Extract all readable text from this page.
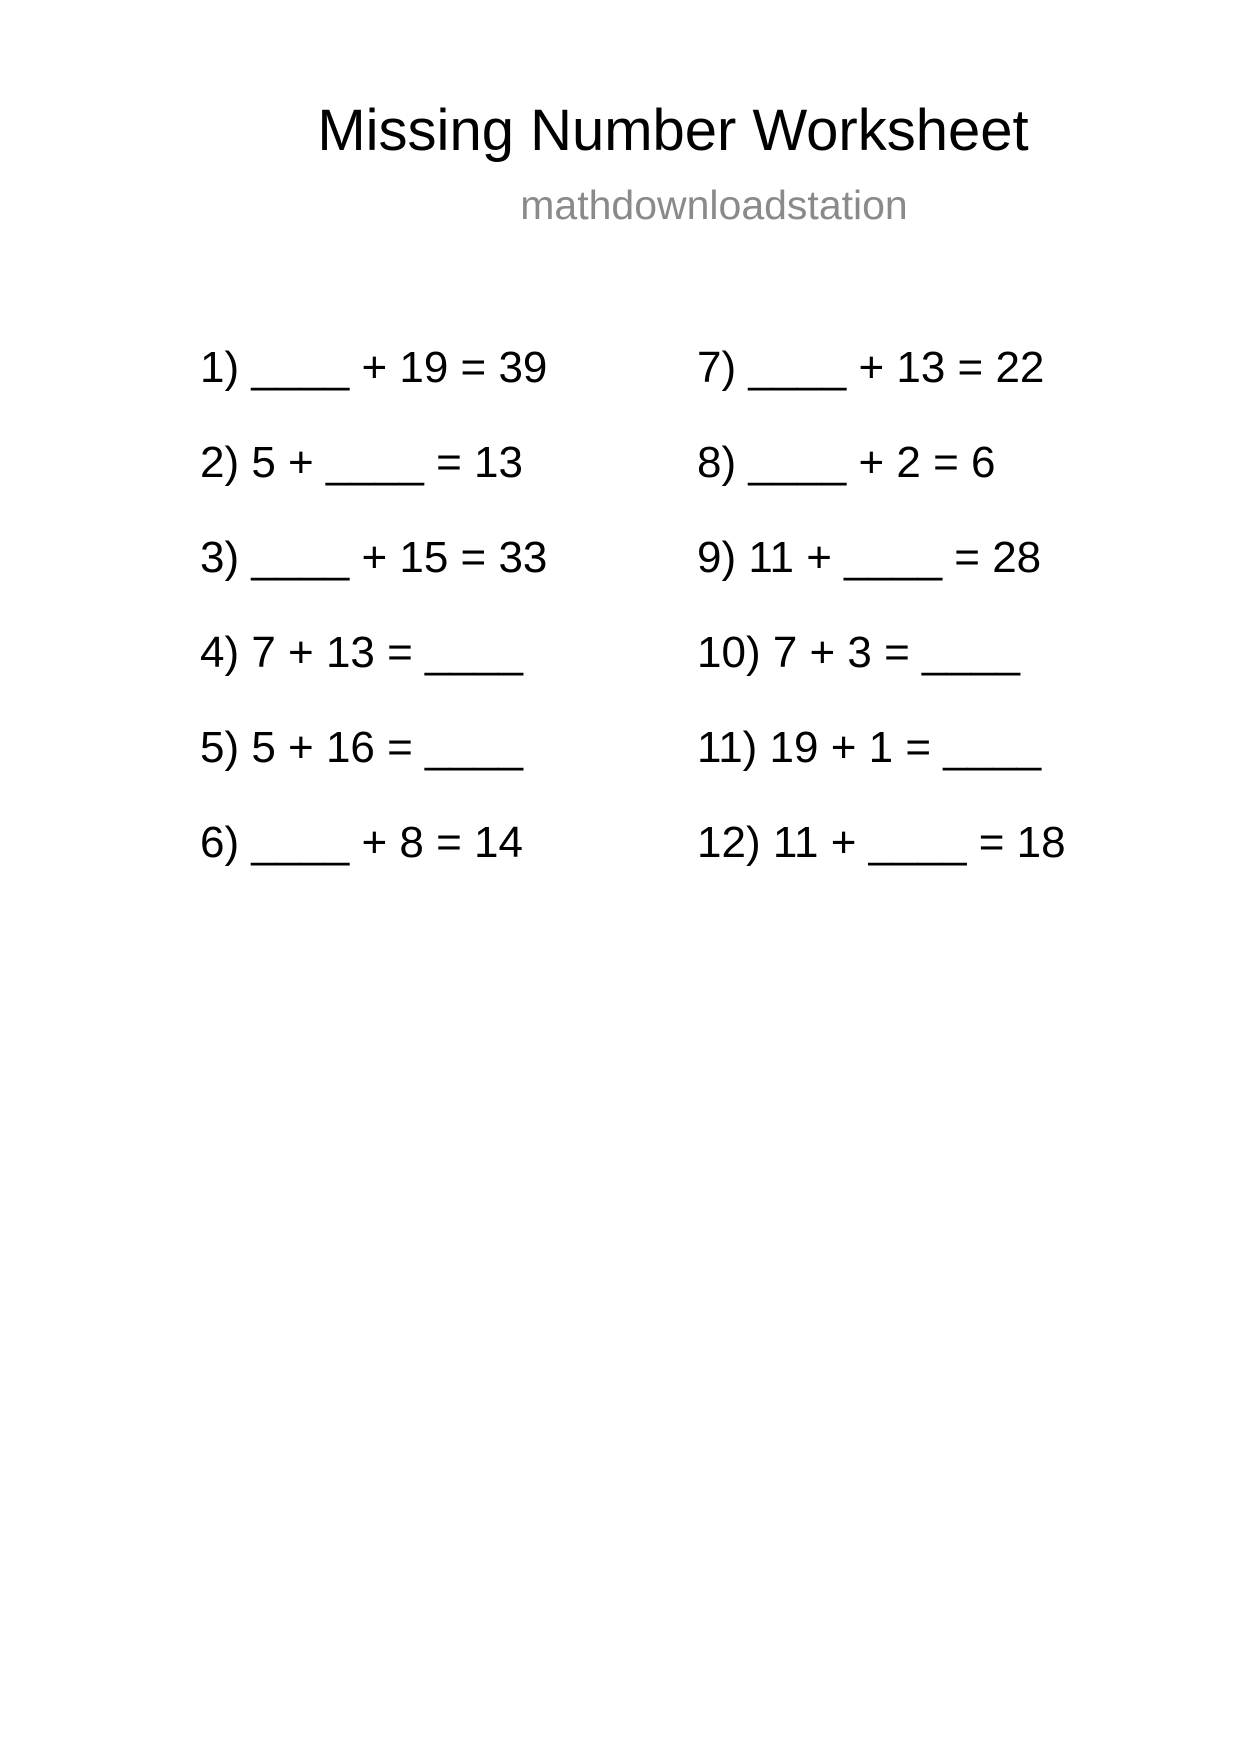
Missing Number Worksheet
mathdownloadstation
1) ____ + 19 = 39
2) 5 + ____ = 13
3) ____ + 15 = 33
4) 7 + 13 = ____
5) 5 + 16 = ____
6) ____ + 8 = 14
7) ____ + 13 = 22
8) ____ + 2 = 6
9) 11 + ____ = 28
10) 7 + 3 = ____
11) 19 + 1 = ____
12) 11 + ____ = 18
